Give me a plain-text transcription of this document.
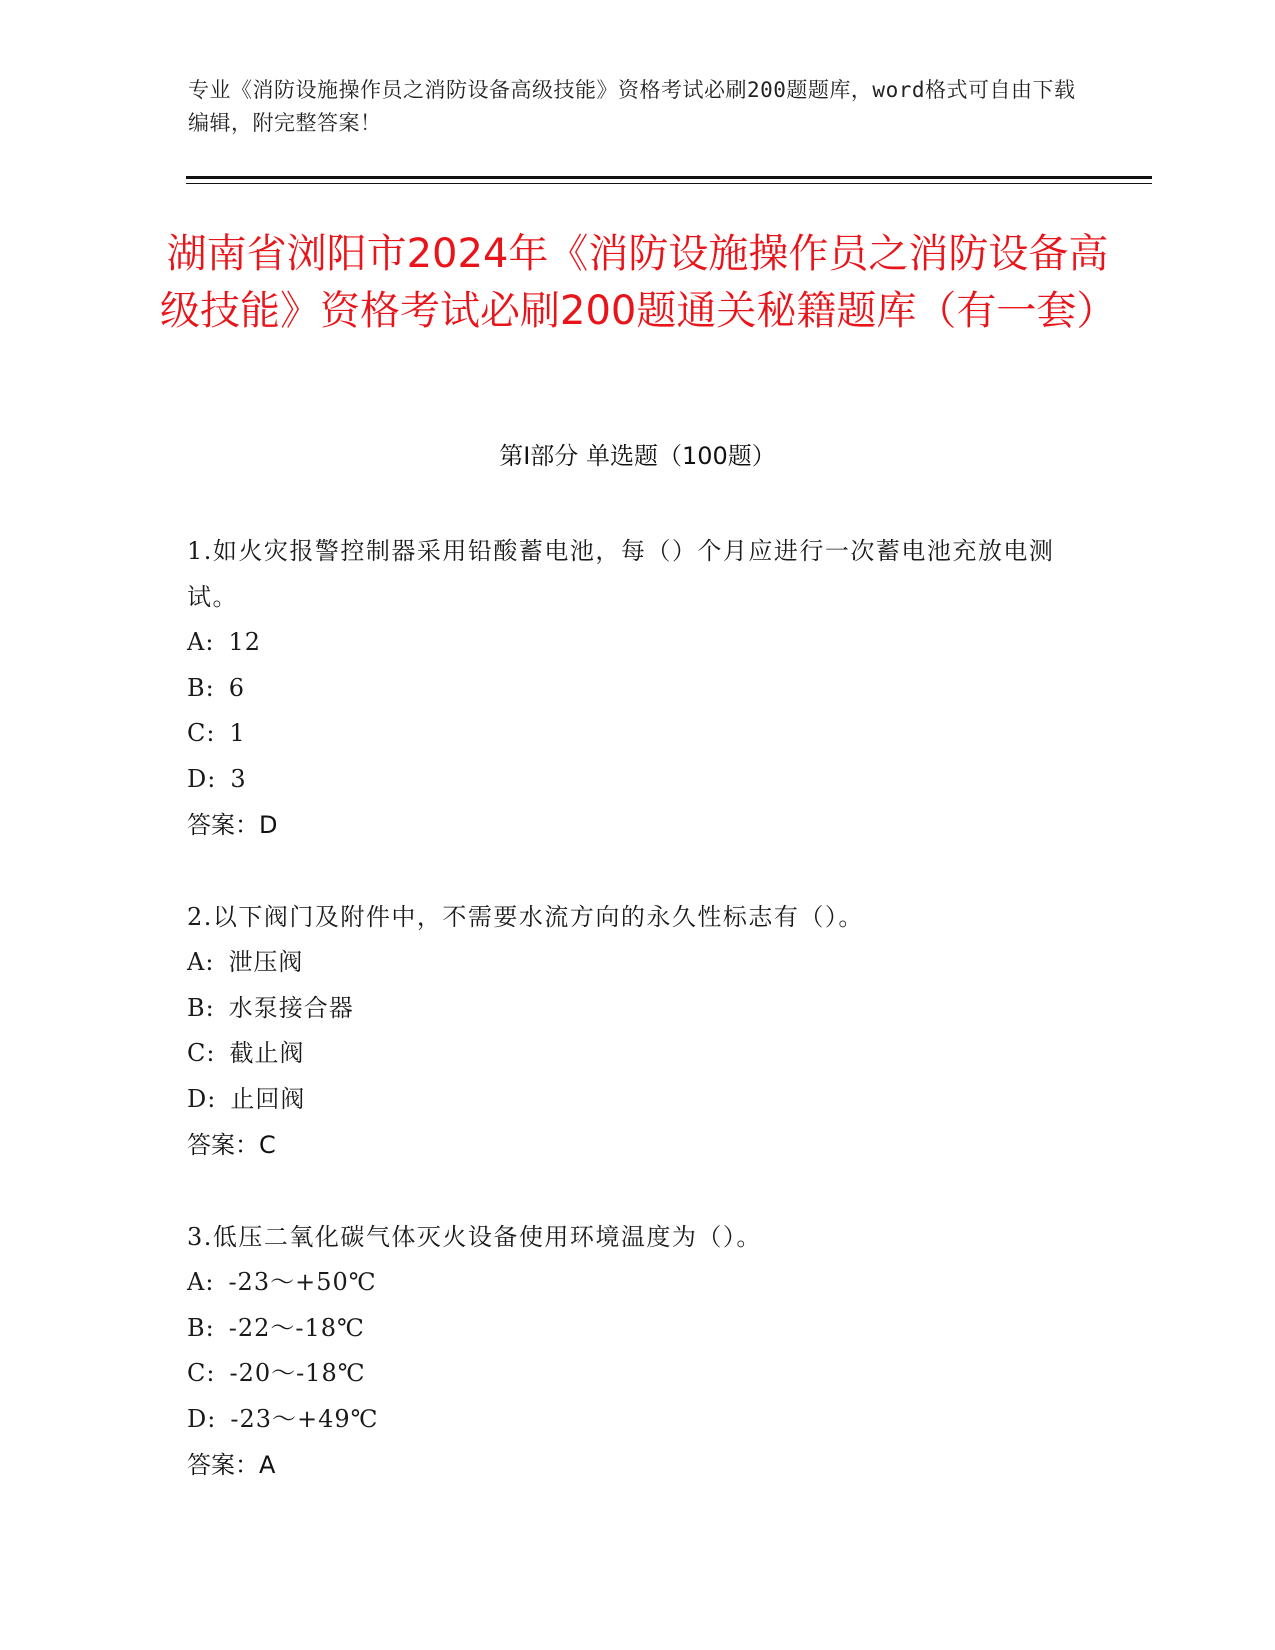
专业《消防设施操作员之消防设备高级技能》资格考试必刷200题题库，word格式可自由下载编辑，附完整答案！
湖南省浏阳市2024年《消防设施操作员之消防设备高级技能》资格考试必刷200题通关秘籍题库（有一套）
第Ⅰ部分 单选题（100题）
1.如火灾报警控制器采用铅酸蓄电池，每（）个月应进行一次蓄电池充放电测试。
A: 12
B: 6
C: 1
D: 3
答案：D
2.以下阀门及附件中，不需要水流方向的永久性标志有（）。
A: 泄压阀
B: 水泵接合器
C: 截止阀
D: 止回阀
答案：C
3.低压二氧化碳气体灭火设备使用环境温度为（）。
A: -23～+50℃
B: -22～-18℃
C: -20～-18℃
D: -23～+49℃
答案：A
